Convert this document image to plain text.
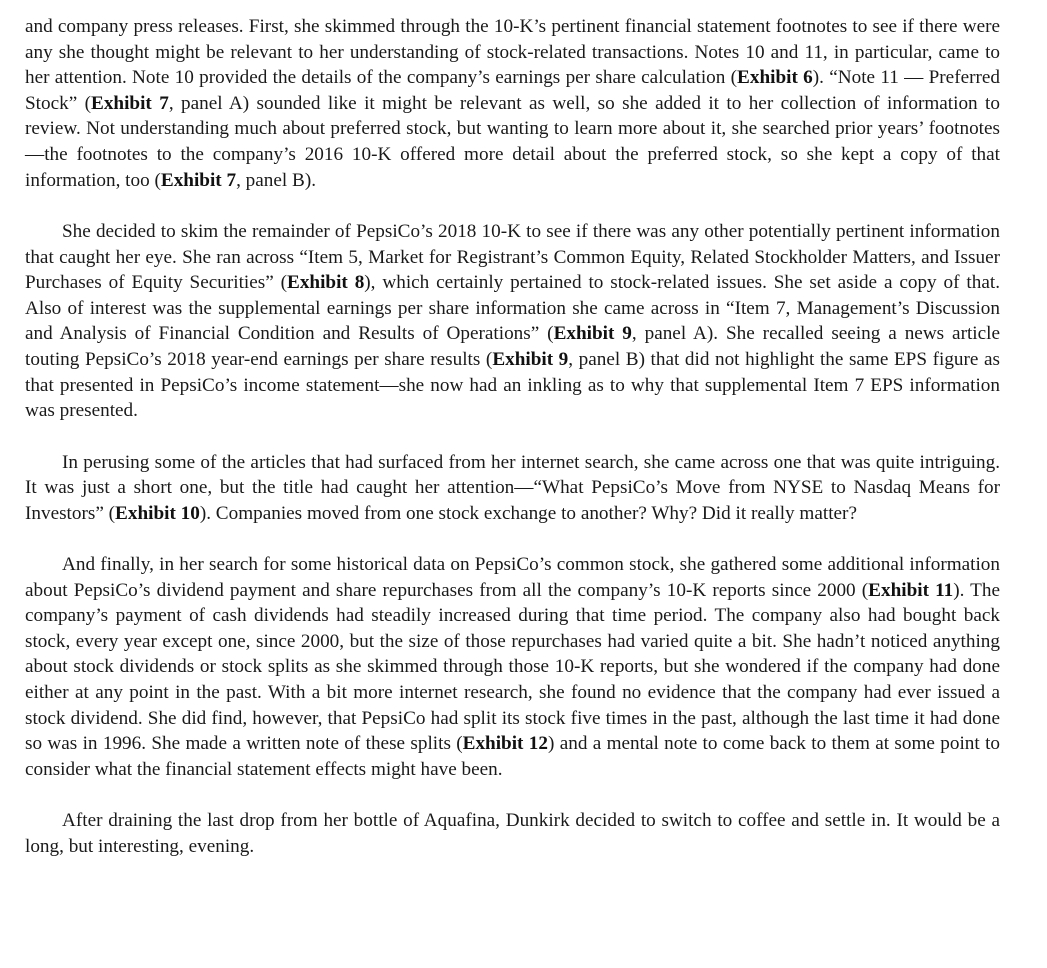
and company press releases. First, she skimmed through the 10-K’s pertinent financial statement footnotes to see if there were any she thought might be relevant to her understanding of stock-related transactions. Notes 10 and 11, in particular, came to her attention. Note 10 provided the details of the company’s earnings per share calculation (Exhibit 6). “Note 11 — Preferred Stock” (Exhibit 7, panel A) sounded like it might be relevant as well, so she added it to her collection of information to review. Not understanding much about preferred stock, but wanting to learn more about it, she searched prior years’ footnotes—the footnotes to the company’s 2016 10-K offered more detail about the preferred stock, so she kept a copy of that information, too (Exhibit 7, panel B).

She decided to skim the remainder of PepsiCo’s 2018 10-K to see if there was any other potentially pertinent information that caught her eye. She ran across “Item 5, Market for Registrant’s Common Equity, Related Stockholder Matters, and Issuer Purchases of Equity Securities” (Exhibit 8), which certainly pertained to stock-related issues. She set aside a copy of that. Also of interest was the supplemental earnings per share information she came across in “Item 7, Management’s Discussion and Analysis of Financial Condition and Results of Operations” (Exhibit 9, panel A). She recalled seeing a news article touting PepsiCo’s 2018 year-end earnings per share results (Exhibit 9, panel B) that did not highlight the same EPS figure as that presented in PepsiCo’s income statement—she now had an inkling as to why that supplemental Item 7 EPS information was presented.

In perusing some of the articles that had surfaced from her internet search, she came across one that was quite intriguing. It was just a short one, but the title had caught her attention—“What PepsiCo’s Move from NYSE to Nasdaq Means for Investors” (Exhibit 10). Companies moved from one stock exchange to another? Why? Did it really matter?

And finally, in her search for some historical data on PepsiCo’s common stock, she gathered some additional information about PepsiCo’s dividend payment and share repurchases from all the company’s 10-K reports since 2000 (Exhibit 11). The company’s payment of cash dividends had steadily increased during that time period. The company also had bought back stock, every year except one, since 2000, but the size of those repurchases had varied quite a bit. She hadn’t noticed anything about stock dividends or stock splits as she skimmed through those 10-K reports, but she wondered if the company had done either at any point in the past. With a bit more internet research, she found no evidence that the company had ever issued a stock dividend. She did find, however, that PepsiCo had split its stock five times in the past, although the last time it had done so was in 1996. She made a written note of these splits (Exhibit 12) and a mental note to come back to them at some point to consider what the financial statement effects might have been.

After draining the last drop from her bottle of Aquafina, Dunkirk decided to switch to coffee and settle in. It would be a long, but interesting, evening.
